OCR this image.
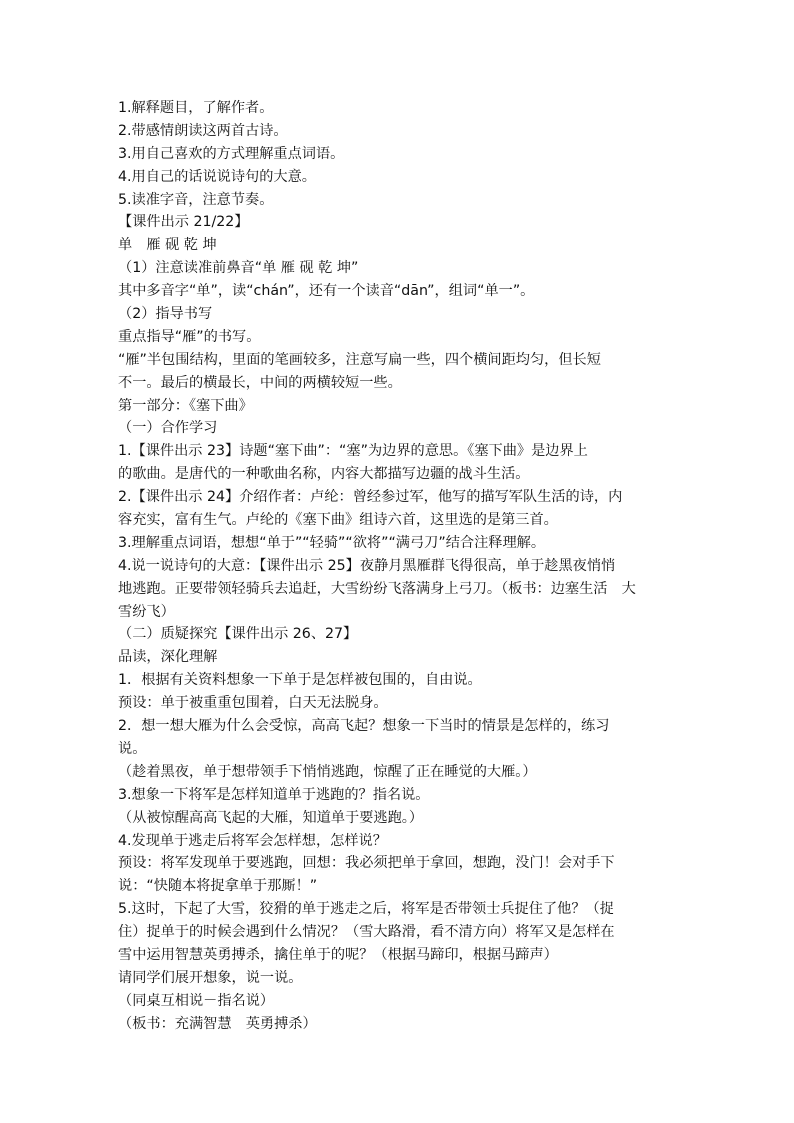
1.解释题目，了解作者。
2.带感情朗读这两首古诗。
3.用自己喜欢的方式理解重点词语。
4.用自己的话说说诗句的大意。
5.读准字音，注意节奏。
【课件出示 21/22】
单　雁 砚 乾 坤
（1）注意读准前鼻音“单 雁 砚 乾 坤”
其中多音字“单”，读“chán”，还有一个读音“dān”，组词“单一”。
（2）指导书写
重点指导“雁”的书写。
“雁”半包围结构，里面的笔画较多，注意写扁一些，四个横间距均匀，但长短
不一。最后的横最长，中间的两横较短一些。
第一部分：《塞下曲》
（一）合作学习
1.【课件出示 23】诗题“塞下曲”：“塞”为边界的意思。《塞下曲》是边界上
的歌曲。是唐代的一种歌曲名称，内容大都描写边疆的战斗生活。
2.【课件出示 24】介绍作者：卢纶：曾经参过军，他写的描写军队生活的诗，内
容充实，富有生气。卢纶的《塞下曲》组诗六首，这里选的是第三首。
3.理解重点词语，想想“单于”“轻骑”“欲将”“满弓刀”结合注释理解。
4.说一说诗句的大意：【课件出示 25】夜静月黑雁群飞得很高，单于趁黑夜悄悄
地逃跑。正要带领轻骑兵去追赶，大雪纷纷飞落满身上弓刀。（板书：边塞生活　大
雪纷飞）
（二）质疑探究【课件出示 26、27】
品读，深化理解
1．根据有关资料想象一下单于是怎样被包围的，自由说。
预设：单于被重重包围着，白天无法脱身。
2．想一想大雁为什么会受惊，高高飞起？想象一下当时的情景是怎样的，练习
说。
（趁着黑夜，单于想带领手下悄悄逃跑，惊醒了正在睡觉的大雁。）
3.想象一下将军是怎样知道单于逃跑的？指名说。
（从被惊醒高高飞起的大雁，知道单于要逃跑。）
4.发现单于逃走后将军会怎样想，怎样说？
预设：将军发现单于要逃跑，回想：我必须把单于拿回，想跑，没门！会对手下
说：“快随本将捉拿单于那厮！”
5.这时，下起了大雪，狡猾的单于逃走之后，将军是否带领士兵捉住了他？（捉
住）捉单于的时候会遇到什么情况？（雪大路滑，看不清方向）将军又是怎样在
雪中运用智慧英勇搏杀，擒住单于的呢？（根据马蹄印，根据马蹄声）
请同学们展开想象，说一说。
（同桌互相说－指名说）
（板书：充满智慧　英勇搏杀）
